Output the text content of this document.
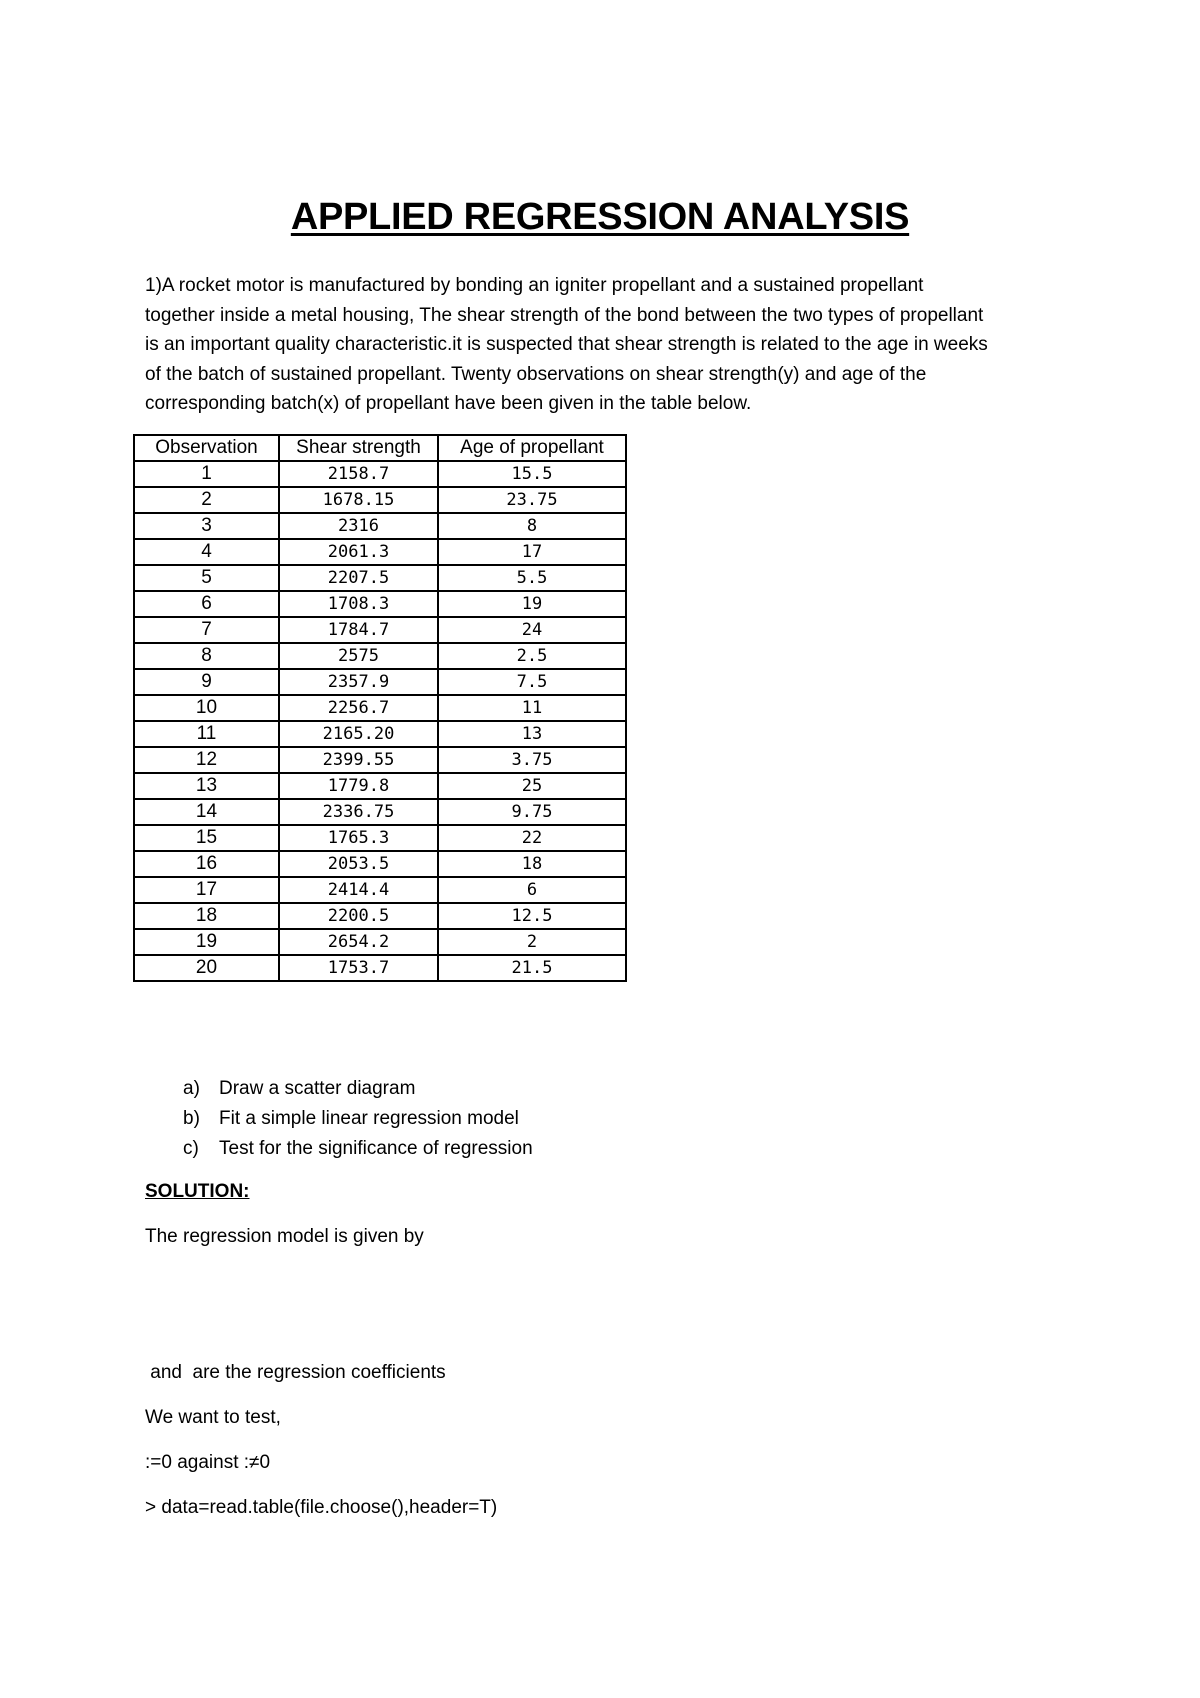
APPLIED REGRESSION ANALYSIS
1)A rocket motor is manufactured by bonding an igniter propellant and a sustained propellant
together inside a metal housing, The shear strength of the bond between the two types of propellant
is an important quality characteristic.it is suspected that shear strength is related to the age in weeks
of the batch of sustained propellant. Twenty observations on shear strength(y) and age of the
corresponding batch(x) of propellant have been given in the table below.
Observation	Shear strength	Age of propellant
1	2158.7	15.5
2	1678.15	23.75
3	2316	8
4	2061.3	17
5	2207.5	5.5
6	1708.3	19
7	1784.7	24
8	2575	2.5
9	2357.9	7.5
10	2256.7	11
11	2165.20	13
12	2399.55	3.75
13	1779.8	25
14	2336.75	9.75
15	1765.3	22
16	2053.5	18
17	2414.4	6
18	2200.5	12.5
19	2654.2	2
20	1753.7	21.5
a)	Draw a scatter diagram
b)	Fit a simple linear regression model
c)	Test for the significance of regression
SOLUTION:
The regression model is given by
and  are the regression coefficients
We want to test,
:=0 against :≠0
> data=read.table(file.choose(),header=T)
